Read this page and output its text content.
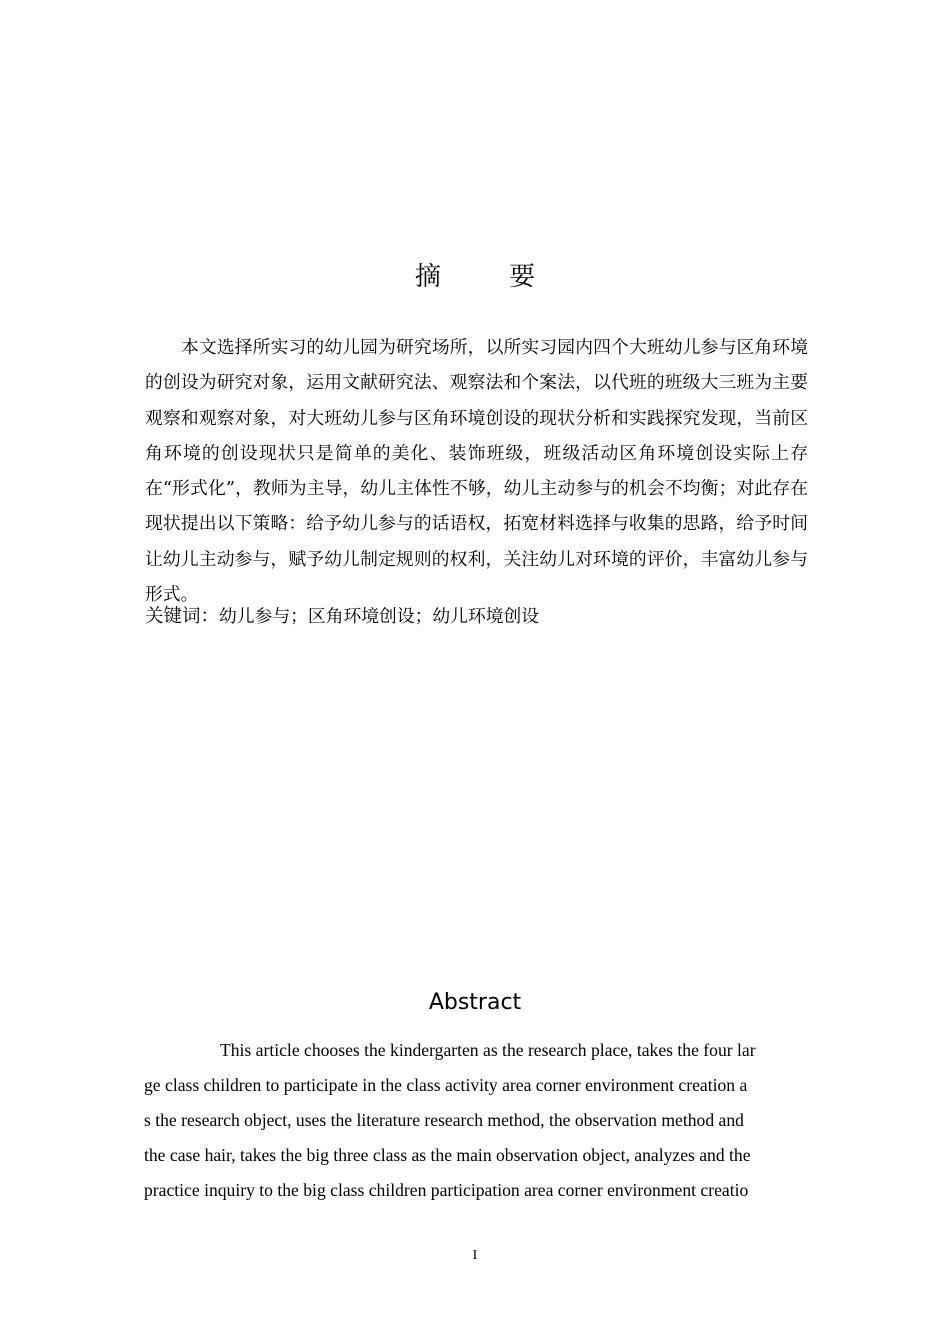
摘 要

本文选择所实习的幼儿园为研究场所，以所实习园内四个大班幼儿参与区角环境的创设为研究对象，运用文献研究法、观察法和个案法，以代班的班级大三班为主要观察和观察对象，对大班幼儿参与区角环境创设的现状分析和实践探究发现，当前区角环境的创设现状只是简单的美化、装饰班级，班级活动区角环境创设实际上存在“形式化”，教师为主导，幼儿主体性不够，幼儿主动参与的机会不均衡；对此存在现状提出以下策略：给予幼儿参与的话语权，拓宽材料选择与收集的思路，给予时间让幼儿主动参与，赋予幼儿制定规则的权利，关注幼儿对环境的评价，丰富幼儿参与形式。

关键词：幼儿参与；区角环境创设；幼儿环境创设

Abstract
This article chooses the kindergarten as the research place, takes the four lar
ge class children to participate in the class activity area corner environment creation a
s the research object, uses the literature research method, the observation method and
the case hair, takes the big three class as the main observation object, analyzes and the
practice inquiry to the big class children participation area corner environment creatio
I
